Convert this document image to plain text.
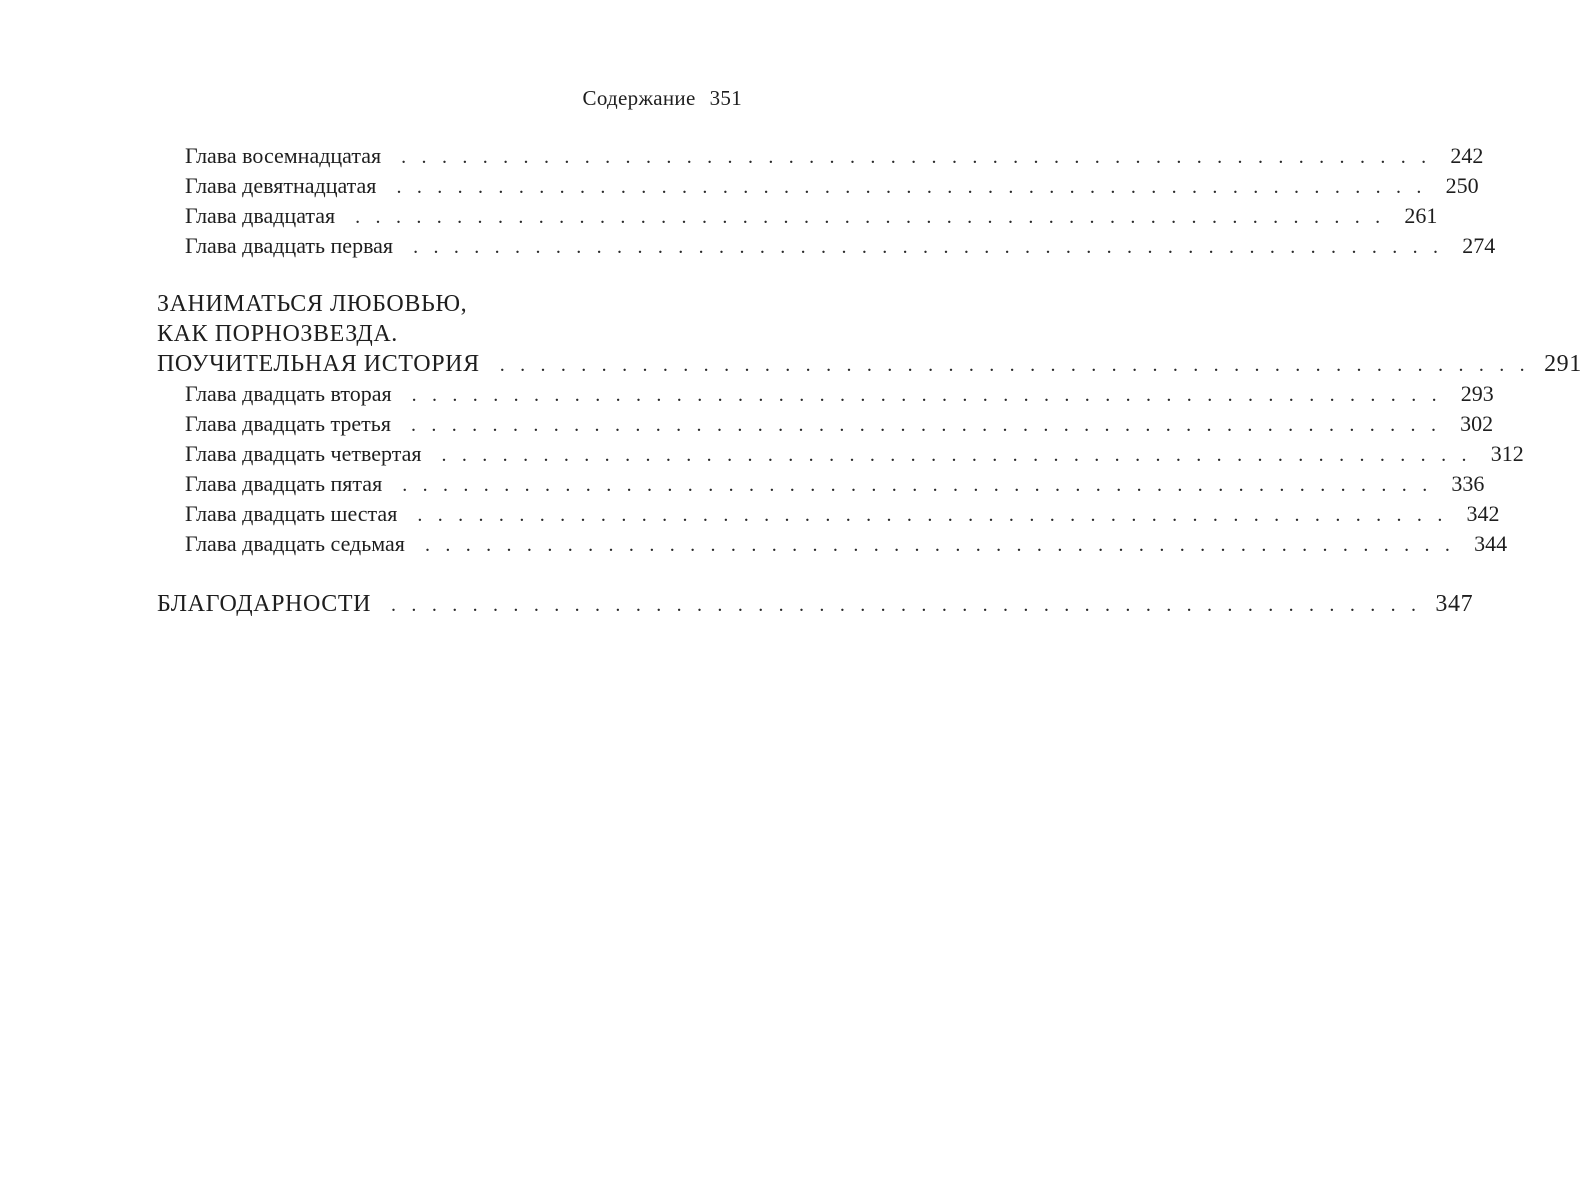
Содержание 351
Глава восемнадцатая . . . . . . . . . . . . . . . . . . . . . . . . . . . . . . . . . . . . . . . . . . . . . . . . . . . 242
Глава девятнадцатая . . . . . . . . . . . . . . . . . . . . . . . . . . . . . . . . . . . . . . . . . . . . . . . . . . . 250
Глава двадцатая . . . . . . . . . . . . . . . . . . . . . . . . . . . . . . . . . . . . . . . . . . . . . . . . . . . 261
Глава двадцать первая . . . . . . . . . . . . . . . . . . . . . . . . . . . . . . . . . . . . . . . . . . . . . . . . . . . 274
ЗАНИМАТЬСЯ ЛЮБОВЬЮ,
КАК ПОРНОЗВЕЗДА.
ПОУЧИТЕЛЬНАЯ ИСТОРИЯ . . . . . . . . . . . . . . . . . . . . . . . . . . . . . . . . . . . . . . . . . . . . . . . . . . . 291
Глава двадцать вторая . . . . . . . . . . . . . . . . . . . . . . . . . . . . . . . . . . . . . . . . . . . . . . . . . . . 293
Глава двадцать третья . . . . . . . . . . . . . . . . . . . . . . . . . . . . . . . . . . . . . . . . . . . . . . . . . . . 302
Глава двадцать четвертая . . . . . . . . . . . . . . . . . . . . . . . . . . . . . . . . . . . . . . . . . . . . . . . . . . . 312
Глава двадцать пятая . . . . . . . . . . . . . . . . . . . . . . . . . . . . . . . . . . . . . . . . . . . . . . . . . . . 336
Глава двадцать шестая . . . . . . . . . . . . . . . . . . . . . . . . . . . . . . . . . . . . . . . . . . . . . . . . . . . 342
Глава двадцать седьмая . . . . . . . . . . . . . . . . . . . . . . . . . . . . . . . . . . . . . . . . . . . . . . . . . . . 344
БЛАГОДАРНОСТИ . . . . . . . . . . . . . . . . . . . . . . . . . . . . . . . . . . . . . . . . . . . . . . . . . . . 347
